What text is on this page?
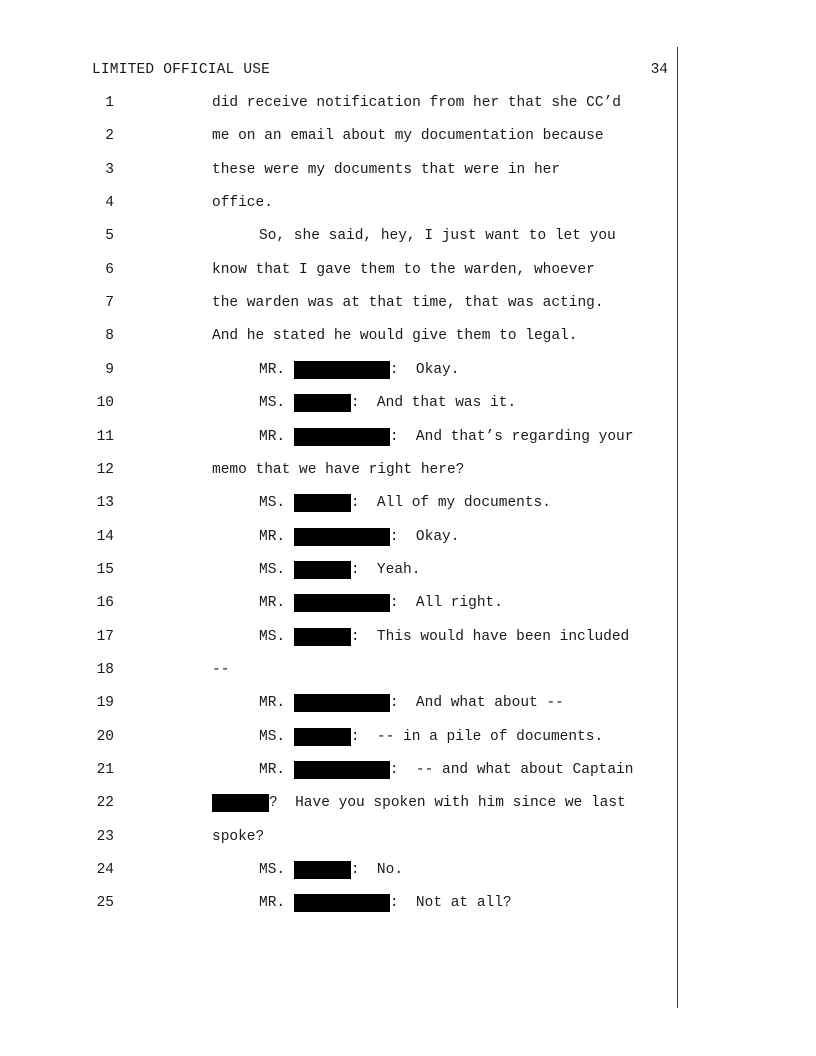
LIMITED OFFICIAL USE	34
1	did receive notification from her that she CC’d
2	me on an email about my documentation because
3	these were my documents that were in her
4	office.
5	So, she said, hey, I just want to let you
6	know that I gave them to the warden, whoever
7	the warden was at that time, that was acting.
8	And he stated he would give them to legal.
9	MR.	:  Okay.
10	MS.	:  And that was it.
11	MR.	:  And that’s regarding your
12	memo that we have right here?
13	MS.	:  All of my documents.
14	MR.	:  Okay.
15	MS.	:  Yeah.
16	MR.	:  All right.
17	MS.	:  This would have been included
18	--
19	MR.	:  And what about --
20	MS.	:  -- in a pile of documents.
21	MR.	:  -- and what about Captain
22	?  Have you spoken with him since we last
23	spoke?
24	MS.	:  No.
25	MR.	:  Not at all?
